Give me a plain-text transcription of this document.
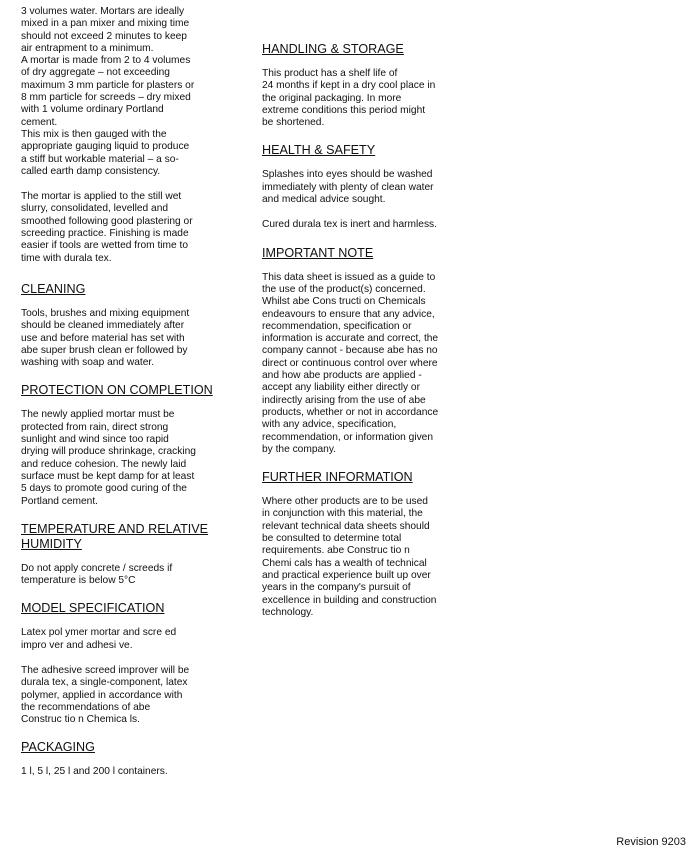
3 volumes water. Mortars are ideally
mixed in a pan mixer and mixing time
should not exceed 2 minutes to keep
air entrapment to a minimum.
A mortar is made from 2 to 4 volumes
of dry aggregate – not exceeding
maximum 3 mm particle for plasters or
8 mm particle for screeds – dry mixed
with 1 volume ordinary Portland
cement.
This mix is then gauged with the
appropriate gauging liquid to produce
a stiff but workable material – a so-
called earth damp consistency.

The mortar is applied to the still wet
slurry, consolidated, levelled and
smoothed following good plastering or
screeding practice. Finishing is made
easier if tools are wetted from time to
time with durala tex.

CLEANING

Tools, brushes and mixing equipment
should be cleaned immediately after
use and before material has set with
abe super brush clean er followed by
washing with soap and water.

PROTECTION ON COMPLETION

The newly applied mortar must be
protected from rain, direct strong
sunlight and wind since too rapid
drying will produce shrinkage, cracking
and reduce cohesion. The newly laid
surface must be kept damp for at least
5 days to promote good curing of the
Portland cement.

TEMPERATURE AND RELATIVE
HUMIDITY

Do not apply concrete / screeds if
temperature is below 5°C

MODEL SPECIFICATION

Latex pol ymer mortar and scre ed
impro ver and adhesi ve.

The adhesive screed improver will be
durala tex, a single-component, latex
polymer, applied in accordance with
the recommendations of abe
Construc tio n Chemica ls.

PACKAGING

1 l, 5 l, 25 l and 200 l containers.

HANDLING & STORAGE

This product has a shelf life of
24 months if kept in a dry cool place in
the original packaging. In more
extreme conditions this period might
be shortened.

HEALTH & SAFETY

Splashes into eyes should be washed
immediately with plenty of clean water
and medical advice sought.

Cured durala tex is inert and harmless.

IMPORTANT NOTE

This data sheet is issued as a guide to
the use of the product(s) concerned.
Whilst abe Cons tructi on Chemicals
endeavours to ensure that any advice,
recommendation, specification or
information is accurate and correct, the
company cannot - because abe has no
direct or continuous control over where
and how abe products are applied -
accept any liability either directly or
indirectly arising from the use of abe
products, whether or not in accordance
with any advice, specification,
recommendation, or information given
by the company.

FURTHER INFORMATION

Where other products are to be used
in conjunction with this material, the
relevant technical data sheets should
be consulted to determine total
requirements. abe Construc tio n
Chemi cals has a wealth of technical
and practical experience built up over
years in the company's pursuit of
excellence in building and construction
technology.

Revision 9203
